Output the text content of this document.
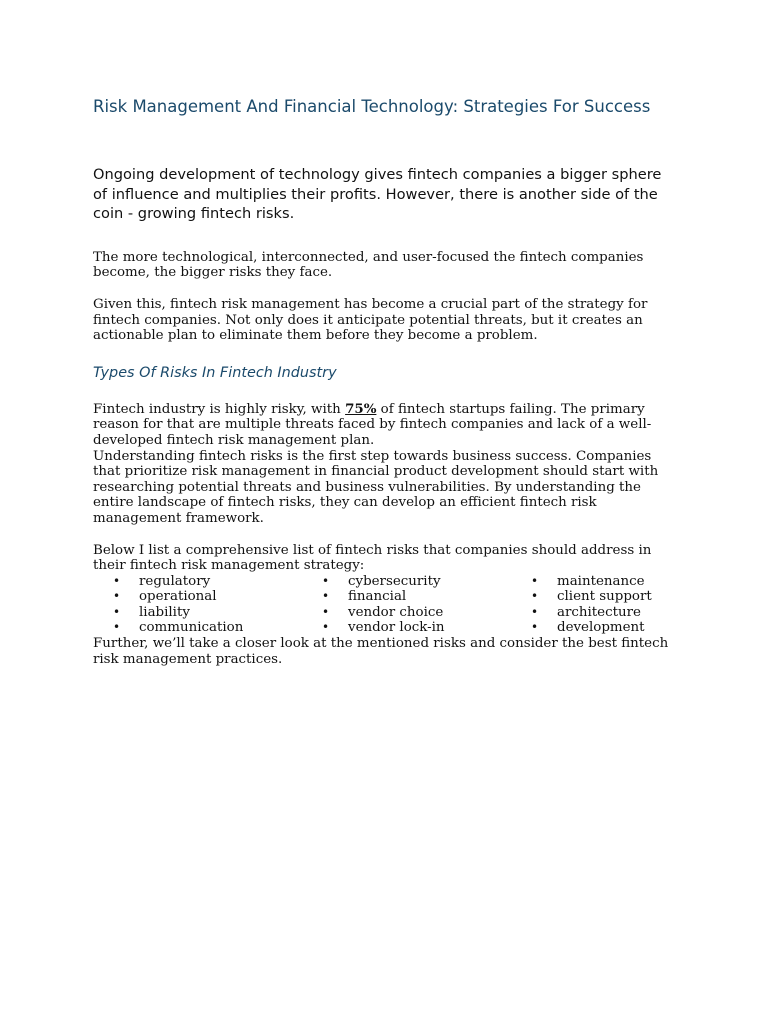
Risk Management And Financial Technology: Strategies For Success

Ongoing development of technology gives fintech companies a bigger sphere of influence and multiplies their profits. However, there is another side of the coin - growing fintech risks.

The more technological, interconnected, and user-focused the fintech companies become, the bigger risks they face.

Given this, fintech risk management has become a crucial part of the strategy for fintech companies. Not only does it anticipate potential threats, but it creates an actionable plan to eliminate them before they become a problem.

Types Of Risks In Fintech Industry

Fintech industry is highly risky, with 75% of fintech startups failing. The primary reason for that are multiple threats faced by fintech companies and lack of a well-developed fintech risk management plan.

Understanding fintech risks is the first step towards business success. Companies that prioritize risk management in financial product development should start with researching potential threats and business vulnerabilities. By understanding the entire landscape of fintech risks, they can develop an efficient fintech risk management framework.

Below I list a comprehensive list of fintech risks that companies should address in their fintech risk management strategy:

• regulatory	• cybersecurity	• maintenance
• operational	• financial	• client support
• liability	• vendor choice	• architecture
• communication	• vendor lock-in	• development

Further, we’ll take a closer look at the mentioned risks and consider the best fintech risk management practices.
